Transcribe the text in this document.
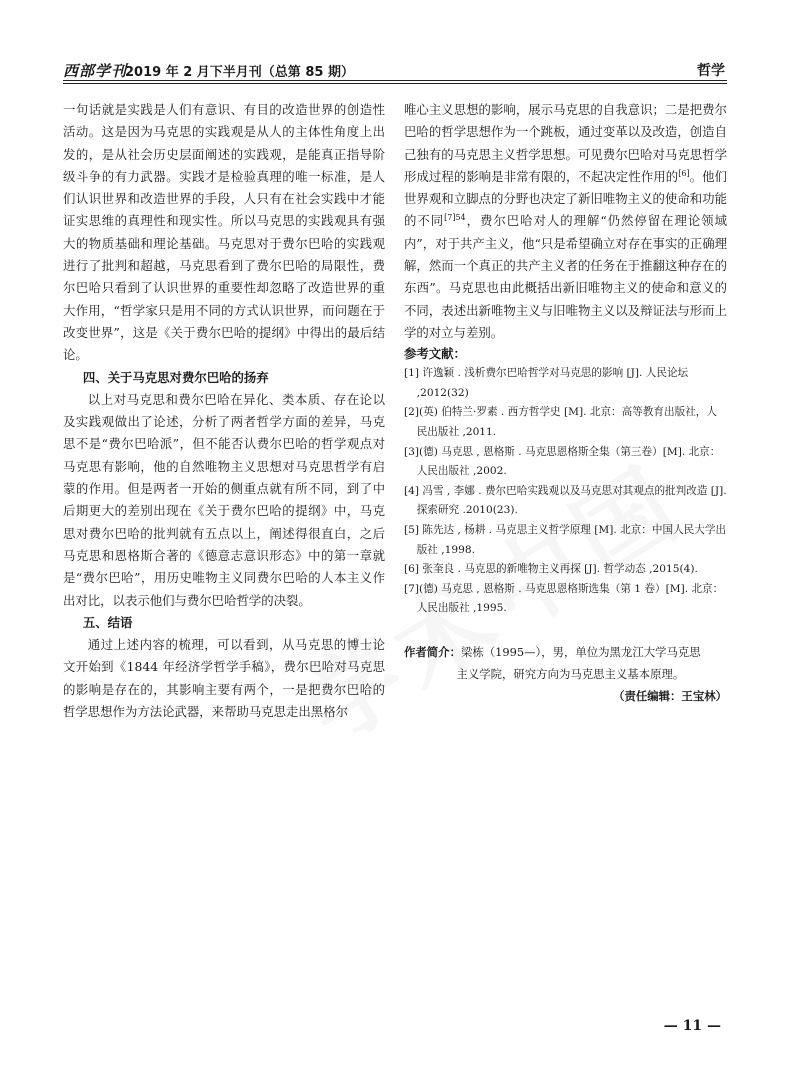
西部学刊
2019 年 2 月下半月刊（总第 85 期）	哲学

一句话就是实践是人们有意识、有目的改造世界的创造性活动。这是因为马克思的实践观是从人的主体性角度上出发的，是从社会历史层面阐述的实践观，是能真正指导阶级斗争的有力武器。实践才是检验真理的唯一标准，是人们认识世界和改造世界的手段，人只有在社会实践中才能证实思维的真理性和现实性。所以马克思的实践观具有强大的物质基础和理论基础。马克思对于费尔巴哈的实践观进行了批判和超越，马克思看到了费尔巴哈的局限性，费尔巴哈只看到了认识世界的重要性却忽略了改造世界的重大作用，“哲学家只是用不同的方式认识世界，而问题在于改变世界”，这是《关于费尔巴哈的提纲》中得出的最后结论。

四、关于马克思对费尔巴哈的扬弃

以上对马克思和费尔巴哈在异化、类本质、存在论以及实践观做出了论述，分析了两者哲学方面的差异，马克思不是“费尔巴哈派”，但不能否认费尔巴哈的哲学观点对马克思有影响，他的自然唯物主义思想对马克思哲学有启蒙的作用。但是两者一开始的侧重点就有所不同，到了中后期更大的差别出现在《关于费尔巴哈的提纲》中，马克思对费尔巴哈的批判就有五点以上，阐述得很直白，之后马克思和恩格斯合著的《德意志意识形态》中的第一章就是“费尔巴哈”，用历史唯物主义同费尔巴哈的人本主义作出对比，以表示他们与费尔巴哈哲学的决裂。

五、结语

通过上述内容的梳理，可以看到，从马克思的博士论文开始到《1844 年经济学哲学手稿》，费尔巴哈对马克思的影响是存在的，其影响主要有两个，一是把费尔巴哈的哲学思想作为方法论武器，来帮助马克思走出黑格尔

唯心主义思想的影响，展示马克思的自我意识；二是把费尔巴哈的哲学思想作为一个跳板，通过变革以及改造，创造自己独有的马克思主义哲学思想。可见费尔巴哈对马克思哲学形成过程的影响是非常有限的，不起决定性作用的[6]。他们世界观和立脚点的分野也决定了新旧唯物主义的使命和功能的不同$^{[7]54}$，费尔巴哈对人的理解“仍然停留在理论领域内”，对于共产主义，他“只是希望确立对存在事实的正确理解，然而一个真正的共产主义者的任务在于推翻这种存在的东西”。马克思也由此概括出新旧唯物主义的使命和意义的不同，表述出新唯物主义与旧唯物主义以及辩证法与形而上学的对立与差别。

参考文献：

[1] 许逸颖 . 浅析费尔巴哈哲学对马克思的影响 [J]. 人民论坛 ,2012(32)

[2](英) 伯特兰·罗素 . 西方哲学史 [M]. 北京：高等教育出版社，人民出版社 ,2011.

[3](德) 马克思 , 恩格斯 . 马克思恩格斯全集（第三卷）[M]. 北京：人民出版社 ,2002.

[4] 冯雪 , 李娜 . 费尔巴哈实践观以及马克思对其观点的批判改造 [J]. 探索研究 .2010(23).

[5] 陈先达 , 杨耕 . 马克思主义哲学原理 [M]. 北京：中国人民大学出版社 ,1998.

[6] 张奎良 . 马克思的新唯物主义再探 [J]. 哲学动态 ,2015(4).

[7](德) 马克思 , 恩格斯 . 马克思恩格斯选集（第 1 卷）[M]. 北京：人民出版社 ,1995.

作者简介：梁栋（1995—），男，单位为黑龙江大学马克思

主义学院，研究方向为马克思主义基本原理。

（责任编辑：王宝林）

— 11 —
